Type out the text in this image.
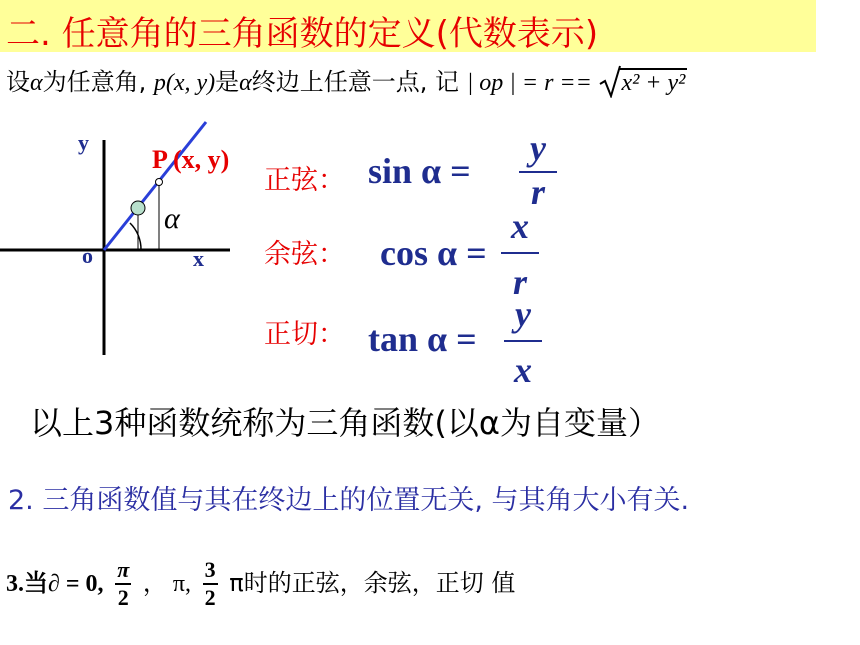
二. 任意角的三角函数的定义(代数表示)
设α为任意角, p(x, y)是α终边上任意一点, 记 | op | = r == x² + y²
y
x
o
P (x, y)
α
正弦： sin α =
y
r
余弦： cos α =
x
r
正切： tan α =
y
x
以上3种函数统称为三角函数(以α为自变量）
2. 三角函数值与其在终边上的位置无关, 与其角大小有关.
3.当∂ = 0, $\frac{\pi}{2}$ ， π, $\frac{3}{2}$ π时的正弦，余弦，正切 值
